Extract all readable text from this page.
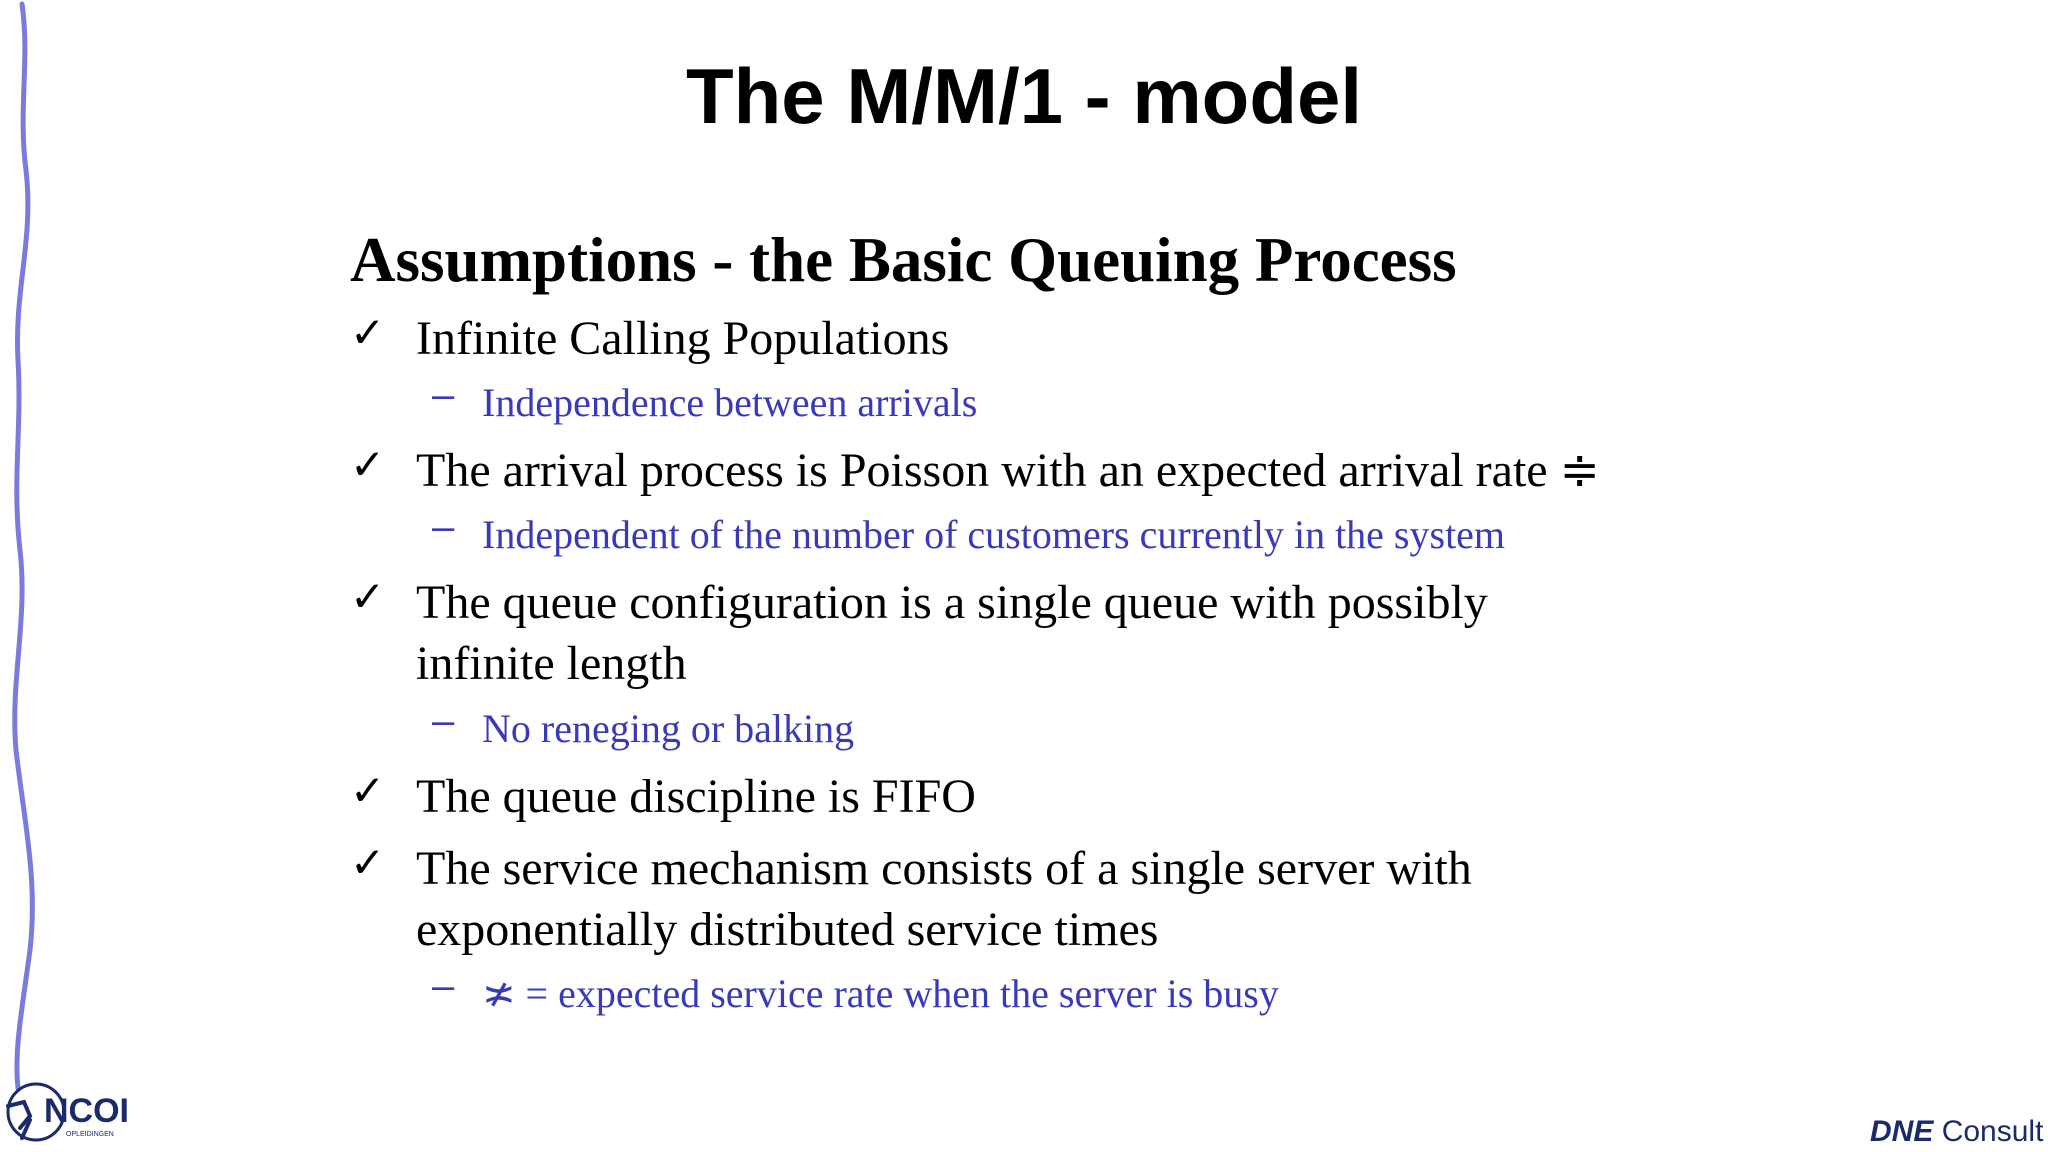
The M/M/1 - model
Assumptions - the Basic Queuing Process
✓ Infinite Calling Populations
– Independence between arrivals
✓ The arrival process is Poisson with an expected arrival rate ≑
– Independent of the number of customers currently in the system
✓ The queue configuration is a single queue with possibly
infinite length
– No reneging or balking
✓ The queue discipline is FIFO
✓ The service mechanism consists of a single server with
exponentially distributed service times
– ≭ = expected service rate when the server is busy
NCOI
OPLEIDINGEN	DNE Consult
